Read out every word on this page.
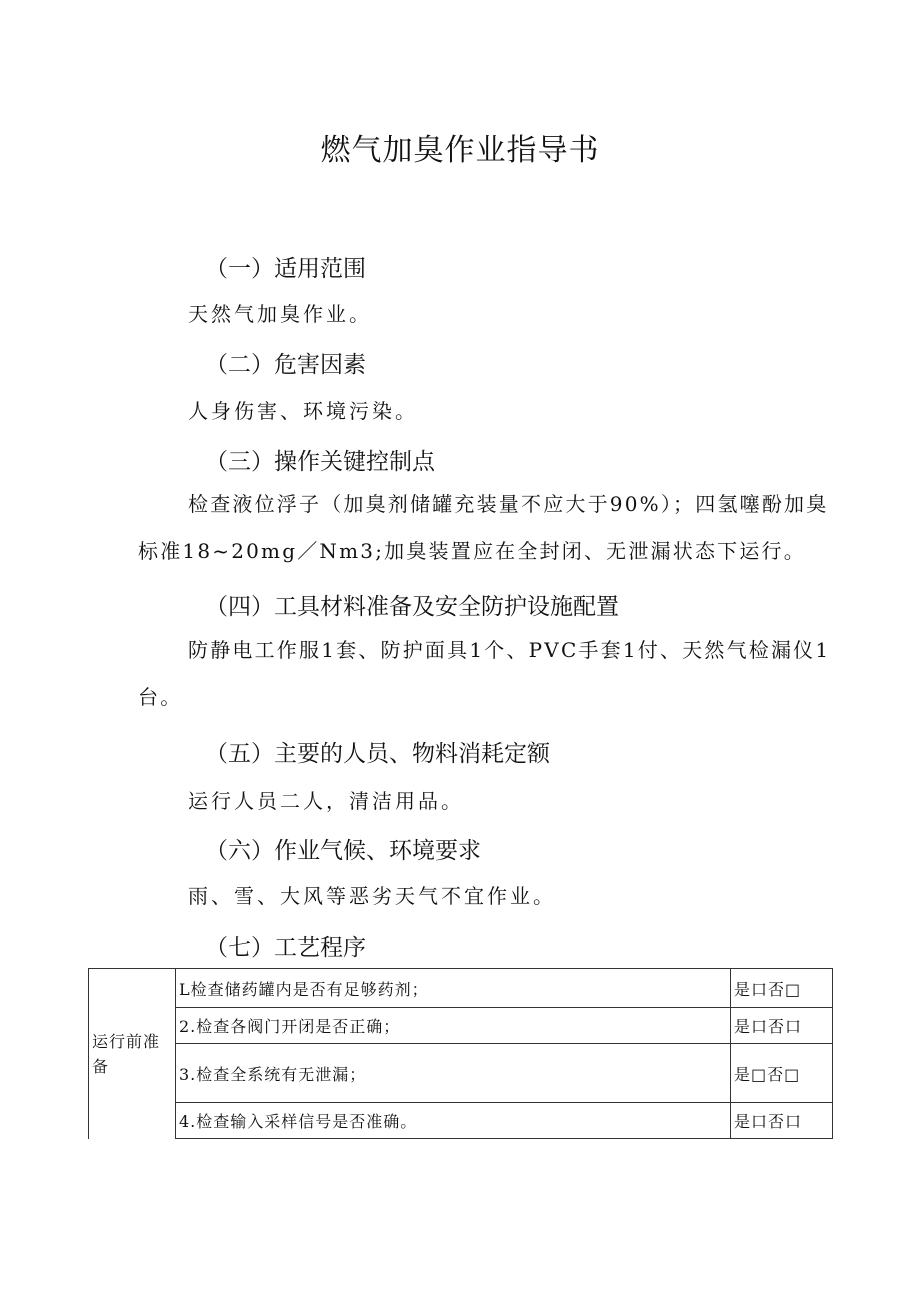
燃气加臭作业指导书
（一）适用范围
天然气加臭作业。
（二）危害因素
人身伤害、环境污染。
（三）操作关键控制点
检查液位浮子（加臭剂储罐充装量不应大于90%）；四氢噻酚加臭标准18~20mg／Nm3;加臭装置应在全封闭、无泄漏状态下运行。
（四）工具材料准备及安全防护设施配置
防静电工作服1套、防护面具1个、PVC手套1付、天然气检漏仪1台。
（五）主要的人员、物料消耗定额
运行人员二人，清洁用品。
（六）作业气候、环境要求
雨、雪、大风等恶劣天气不宜作业。
（七）工艺程序
运行前准备	L检查储药罐内是否有足够药剂；	是口否□
	2.检查各阀门开闭是否正确；	是口否口
	3.检查全系统有无泄漏；	是□否□
	4.检查输入采样信号是否准确。	是口否口
